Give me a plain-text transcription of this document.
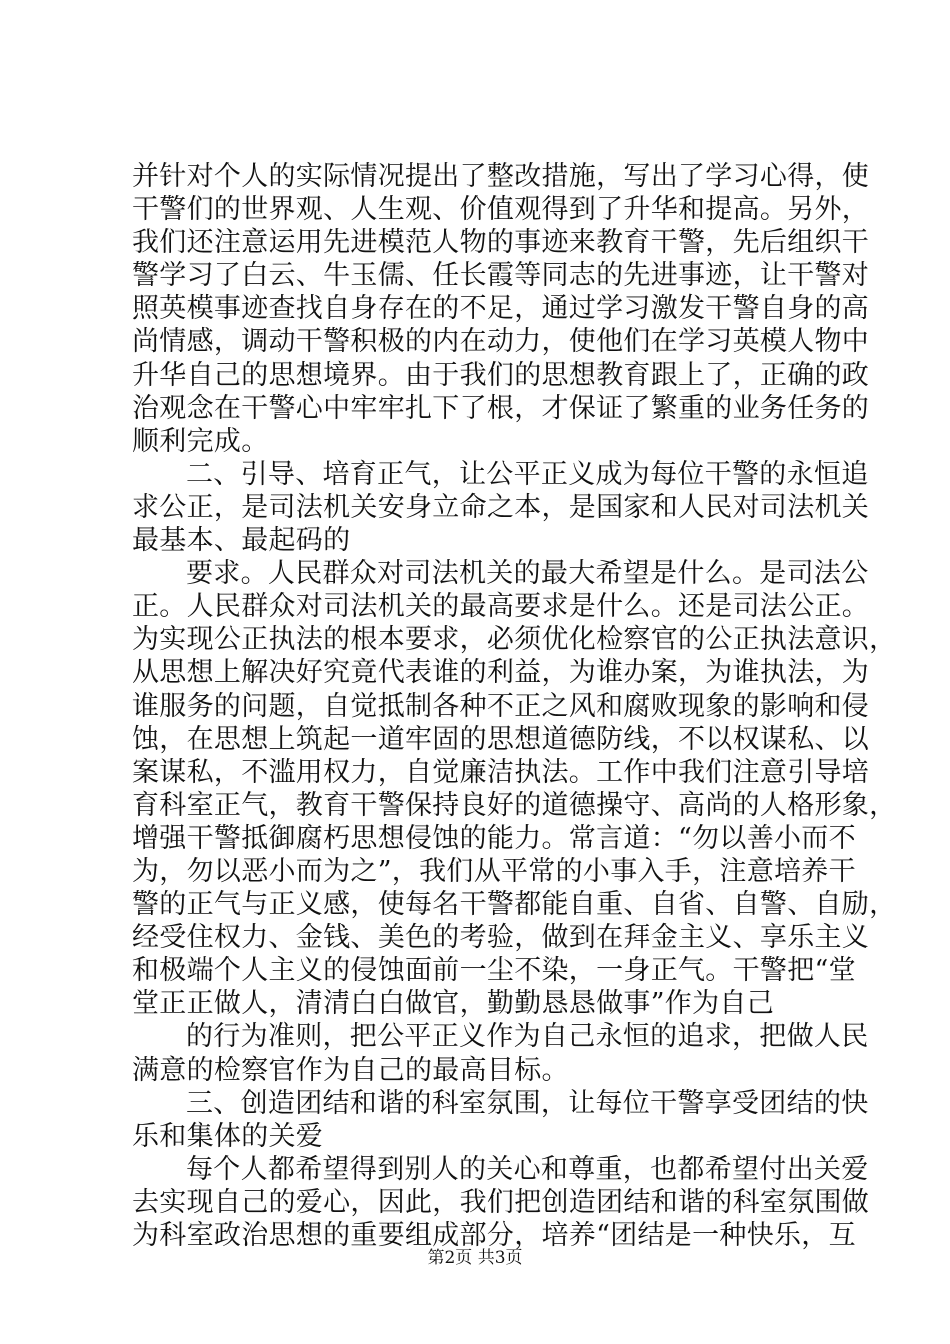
并针对个人的实际情况提出了整改措施，写出了学习心得，使
干警们的世界观、人生观、价值观得到了升华和提高。另外，
我们还注意运用先进模范人物的事迹来教育干警，先后组织干
警学习了白云、牛玉儒、任长霞等同志的先进事迹，让干警对
照英模事迹查找自身存在的不足，通过学习激发干警自身的高
尚情感，调动干警积极的内在动力，使他们在学习英模人物中
升华自己的思想境界。由于我们的思想教育跟上了，正确的政
治观念在干警心中牢牢扎下了根，才保证了繁重的业务任务的
顺利完成。
二、引导、培育正气，让公平正义成为每位干警的永恒追
求公正，是司法机关安身立命之本，是国家和人民对司法机关
最基本、最起码的
要求。人民群众对司法机关的最大希望是什么。是司法公
正。人民群众对司法机关的最高要求是什么。还是司法公正。
为实现公正执法的根本要求，必须优化检察官的公正执法意识，
从思想上解决好究竟代表谁的利益，为谁办案，为谁执法，为
谁服务的问题，自觉抵制各种不正之风和腐败现象的影响和侵
蚀，在思想上筑起一道牢固的思想道德防线，不以权谋私、以
案谋私，不滥用权力，自觉廉洁执法。工作中我们注意引导培
育科室正气，教育干警保持良好的道德操守、高尚的人格形象，
增强干警抵御腐朽思想侵蚀的能力。常言道：“勿以善小而不
为，勿以恶小而为之”，我们从平常的小事入手，注意培养干
警的正气与正义感，使每名干警都能自重、自省、自警、自励，
经受住权力、金钱、美色的考验，做到在拜金主义、享乐主义
和极端个人主义的侵蚀面前一尘不染，一身正气。干警把“堂
堂正正做人，清清白白做官，勤勤恳恳做事”作为自己
的行为准则，把公平正义作为自己永恒的追求，把做人民
满意的检察官作为自己的最高目标。
三、创造团结和谐的科室氛围，让每位干警享受团结的快
乐和集体的关爱
每个人都希望得到别人的关心和尊重，也都希望付出关爱
去实现自己的爱心，因此，我们把创造团结和谐的科室氛围做
为科室政治思想的重要组成部分，培养“团结是一种快乐，互
第2页 共3页
